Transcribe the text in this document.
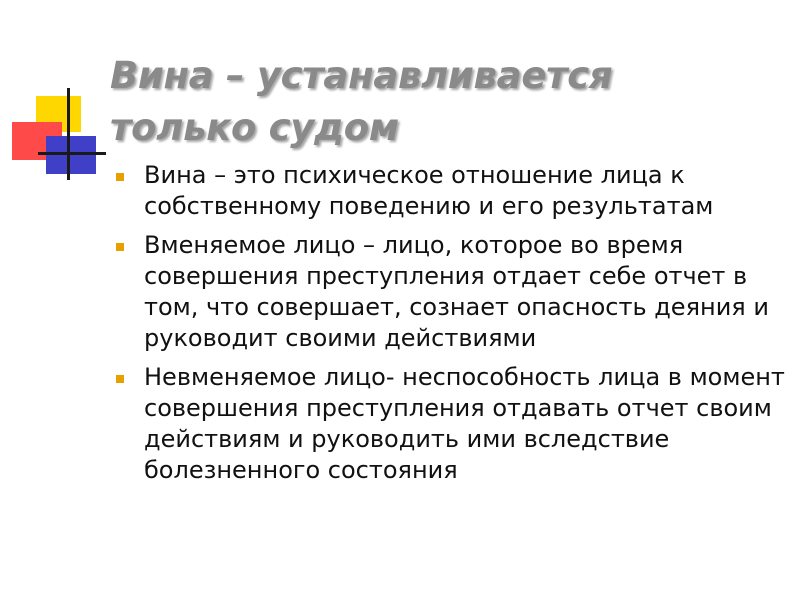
Вина – устанавливается только судом
Вина – это психическое отношение лица к собственному поведению и его результатам
Вменяемое лицо – лицо, которое во время совершения преступления отдает себе отчет в том, что совершает, сознает опасность деяния и руководит своими действиями
Невменяемое лицо- неспособность лица в момент совершения преступления отдавать отчет своим действиям и руководить ими вследствие болезненного состояния
